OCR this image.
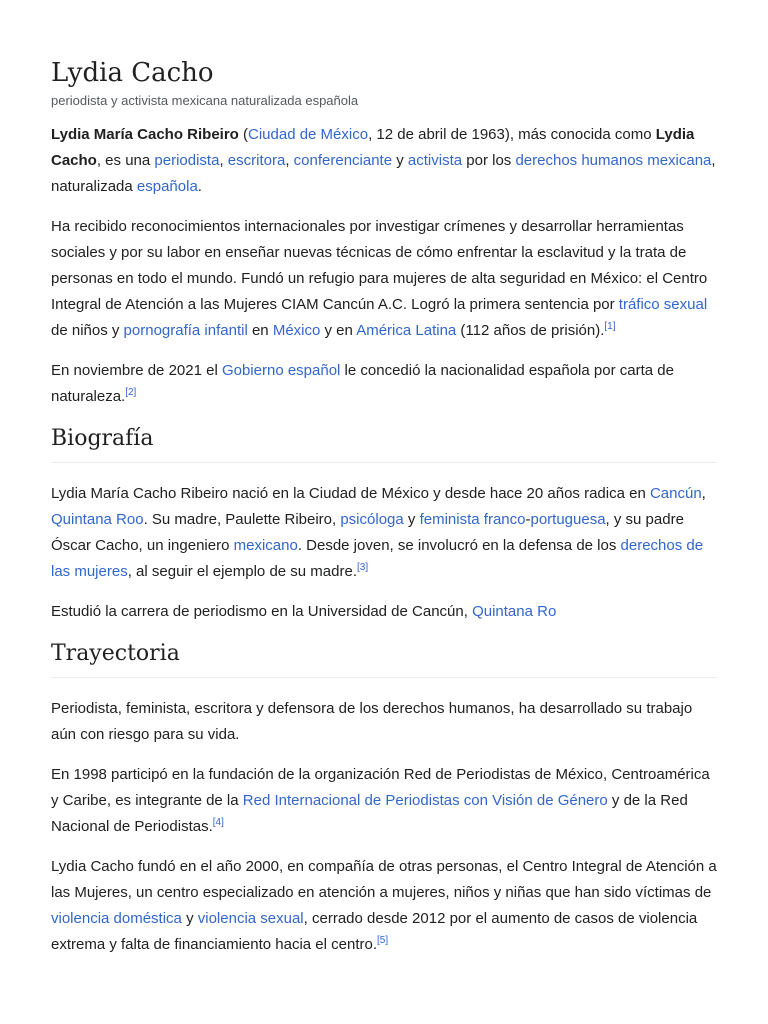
Lydia Cacho
periodista y activista mexicana naturalizada española

Lydia María Cacho Ribeiro (Ciudad de México, 12 de abril de 1963), más conocida como Lydia Cacho, es una periodista, escritora, conferenciante y activista por los derechos humanos mexicana, naturalizada española.

Ha recibido reconocimientos internacionales por investigar crímenes y desarrollar herramientas sociales y por su labor en enseñar nuevas técnicas de cómo enfrentar la esclavitud y la trata de personas en todo el mundo. Fundó un refugio para mujeres de alta seguridad en México: el Centro Integral de Atención a las Mujeres CIAM Cancún A.C. Logró la primera sentencia por tráfico sexual de niños y pornografía infantil en México y en América Latina (112 años de prisión).[1]

En noviembre de 2021 el Gobierno español le concedió la nacionalidad española por carta de naturaleza.[2]

Biografía

Lydia María Cacho Ribeiro nació en la Ciudad de México y desde hace 20 años radica en Cancún, Quintana Roo. Su madre, Paulette Ribeiro, psicóloga y feminista franco-portuguesa, y su padre Óscar Cacho, un ingeniero mexicano. Desde joven, se involucró en la defensa de los derechos de las mujeres, al seguir el ejemplo de su madre.[3]

Estudió la carrera de periodismo en la Universidad de Cancún, Quintana Ro

Trayectoria

Periodista, feminista, escritora y defensora de los derechos humanos, ha desarrollado su trabajo aún con riesgo para su vida.

En 1998 participó en la fundación de la organización Red de Periodistas de México, Centroamérica y Caribe, es integrante de la Red Internacional de Periodistas con Visión de Género y de la Red Nacional de Periodistas.[4]

Lydia Cacho fundó en el año 2000, en compañía de otras personas, el Centro Integral de Atención a las Mujeres, un centro especializado en atención a mujeres, niños y niñas que han sido víctimas de violencia doméstica y violencia sexual, cerrado desde 2012 por el aumento de casos de violencia extrema y falta de financiamiento hacia el centro.[5]
